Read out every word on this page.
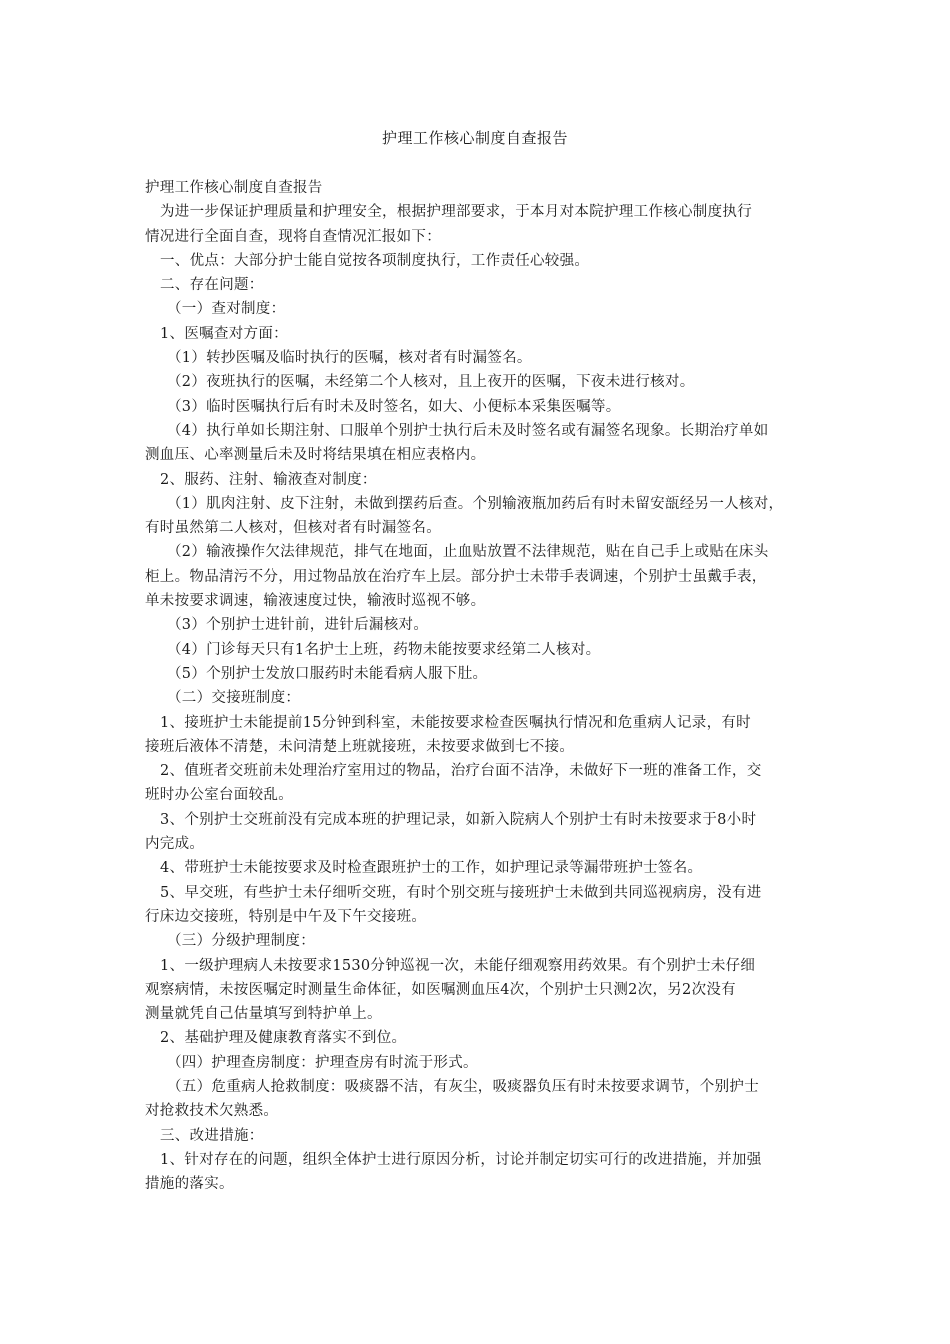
护理工作核心制度自查报告
护理工作核心制度自查报告
为进一步保证护理质量和护理安全，根据护理部要求，于本月对本院护理工作核心制度执行
情况进行全面自查，现将自查情况汇报如下：
一、优点：大部分护士能自觉按各项制度执行，工作责任心较强。
二、存在问题：
（一）查对制度：
1、医嘱查对方面：
（1）转抄医嘱及临时执行的医嘱，核对者有时漏签名。
（2）夜班执行的医嘱，未经第二个人核对，且上夜开的医嘱，下夜未进行核对。
（3）临时医嘱执行后有时未及时签名，如大、小便标本采集医嘱等。
（4）执行单如长期注射、口服单个别护士执行后未及时签名或有漏签名现象。长期治疗单如
测血压、心率测量后未及时将结果填在相应表格内。
2、服药、注射、输液查对制度：
（1）肌肉注射、皮下注射，未做到摆药后查。个别输液瓶加药后有时未留安瓿经另一人核对，
有时虽然第二人核对，但核对者有时漏签名。
（2）输液操作欠法律规范，排气在地面，止血贴放置不法律规范，贴在自己手上或贴在床头
柜上。物品清污不分，用过物品放在治疗车上层。部分护士未带手表调速，个别护士虽戴手表，
单未按要求调速，输液速度过快，输液时巡视不够。
（3）个别护士进针前，进针后漏核对。
（4）门诊每天只有1名护士上班，药物未能按要求经第二人核对。
（5）个别护士发放口服药时未能看病人服下肚。
（二）交接班制度：
1、接班护士未能提前15分钟到科室，未能按要求检查医嘱执行情况和危重病人记录，有时
接班后液体不清楚，未问清楚上班就接班，未按要求做到七不接。
2、值班者交班前未处理治疗室用过的物品，治疗台面不洁净，未做好下一班的准备工作，交
班时办公室台面较乱。
3、个别护士交班前没有完成本班的护理记录，如新入院病人个别护士有时未按要求于8小时
内完成。
4、带班护士未能按要求及时检查跟班护士的工作，如护理记录等漏带班护士签名。
5、早交班，有些护士未仔细听交班，有时个别交班与接班护士未做到共同巡视病房，没有进
行床边交接班，特别是中午及下午交接班。
（三）分级护理制度：
1、一级护理病人未按要求1530分钟巡视一次，未能仔细观察用药效果。有个别护士未仔细
观察病情，未按医嘱定时测量生命体征，如医嘱测血压4次，个别护士只测2次，另2次没有
测量就凭自己估量填写到特护单上。
2、基础护理及健康教育落实不到位。
（四）护理查房制度：护理查房有时流于形式。
（五）危重病人抢救制度：吸痰器不洁，有灰尘，吸痰器负压有时未按要求调节，个别护士
对抢救技术欠熟悉。
三、改进措施：
1、针对存在的问题，组织全体护士进行原因分析，讨论并制定切实可行的改进措施，并加强
措施的落实。
